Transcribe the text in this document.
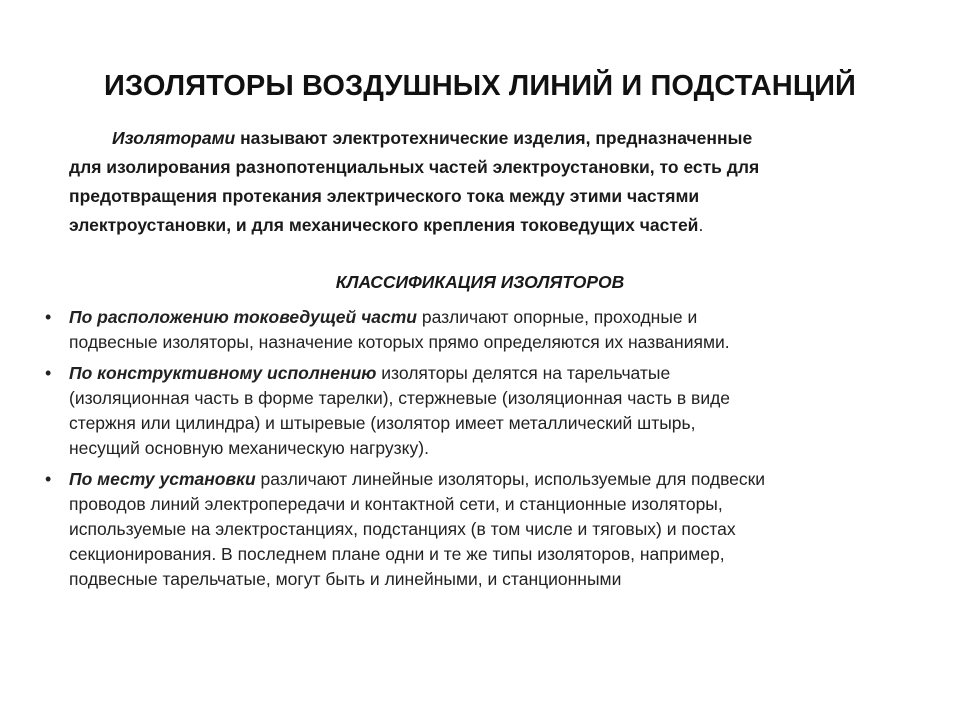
ИЗОЛЯТОРЫ ВОЗДУШНЫХ ЛИНИЙ И ПОДСТАНЦИЙ
Изоляторами называют электротехнические изделия, предназначенные
для изолирования разнопотенциальных частей электроустановки, то есть для
предотвращения протекания электрического тока между этими частями
электроустановки, и для механического крепления токоведущих частей.
КЛАССИФИКАЦИЯ ИЗОЛЯТОРОВ
• По расположению токоведущей части различают опорные, проходные и
подвесные изоляторы, назначение которых прямо определяются их названиями.
• По конструктивному исполнению изоляторы делятся на тарельчатые
(изоляционная часть в форме тарелки), стержневые (изоляционная часть в виде
стержня или цилиндра) и штыревые (изолятор имеет металлический штырь,
несущий основную механическую нагрузку).
• По месту установки различают линейные изоляторы, используемые для подвески
проводов линий электропередачи и контактной сети, и станционные изоляторы,
используемые на электростанциях, подстанциях (в том числе и тяговых) и постах
секционирования. В последнем плане одни и те же типы изоляторов, например,
подвесные тарельчатые, могут быть и линейными, и станционными
